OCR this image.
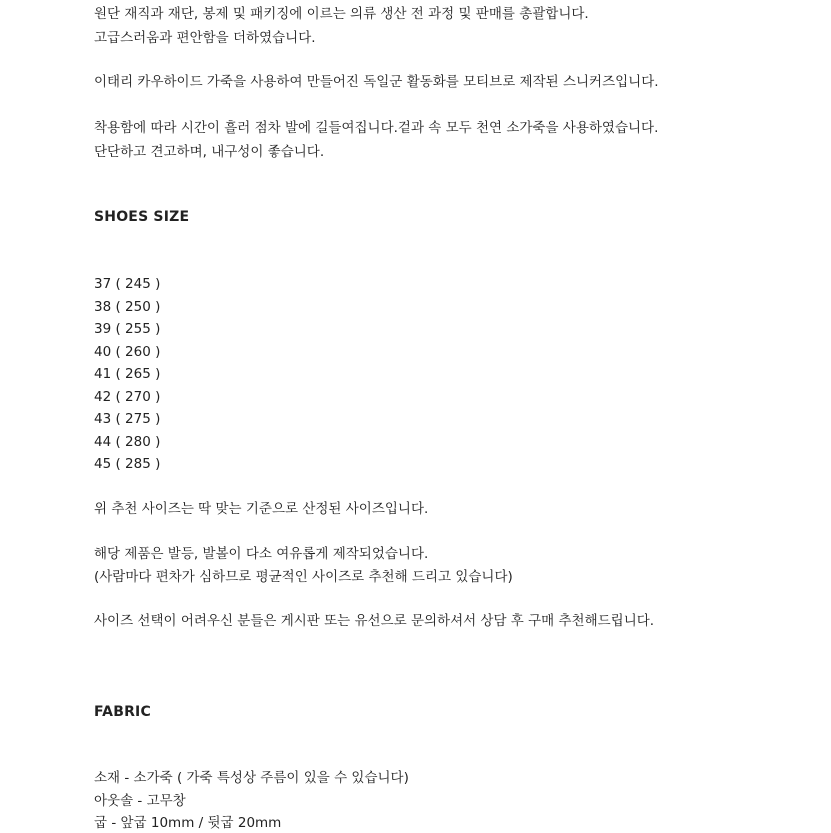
원단 재직과 재단, 봉제 및 패키징에 이르는 의류 생산 전 과정 및 판매를 총괄합니다.
고급스러움과 편안함을 더하였습니다.
이태리 카우하이드 가죽을 사용하여 만들어진 독일군 활동화를 모티브로 제작된 스니커즈입니다.
착용함에 따라 시간이 흘러 점차 발에 길들여집니다.겉과 속 모두 천연 소가죽을 사용하였습니다.
단단하고 견고하며, 내구성이 좋습니다.
SHOES SIZE
37 ( 245 )
38 ( 250 )
39 ( 255 )
40 ( 260 )
41 ( 265 )
42 ( 270 )
43 ( 275 )
44 ( 280 )
45 ( 285 )
위 추천 사이즈는 딱 맞는 기준으로 산정된 사이즈입니다.
해당 제품은 발등, 발볼이 다소 여유롭게 제작되었습니다.
(사람마다 편차가 심하므로 평균적인 사이즈로 추천해 드리고 있습니다)
사이즈 선택이 어려우신 분들은 게시판 또는 유선으로 문의하셔서 상담 후 구매 추천해드립니다.
FABRIC
소재 - 소가죽 ( 가죽 특성상 주름이 있을 수 있습니다)
아웃솔 - 고무창
굽 - 앞굽 10mm / 뒷굽 20mm
